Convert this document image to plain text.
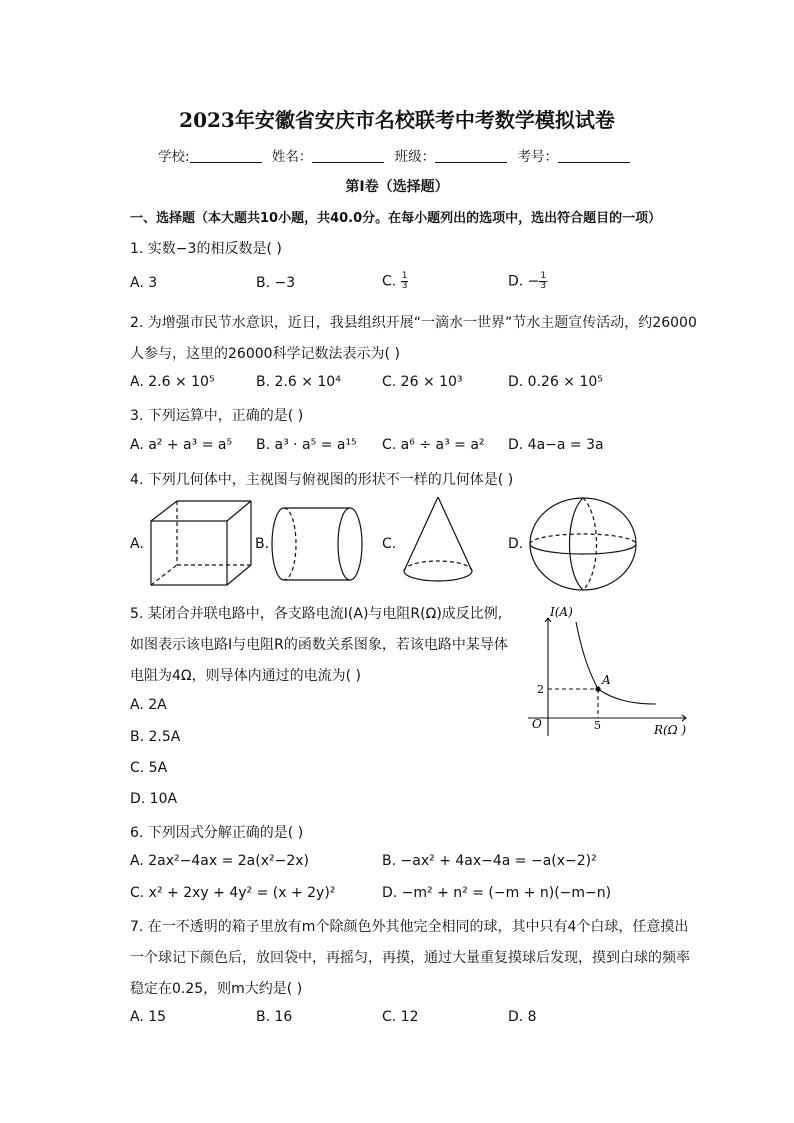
2023年安徽省安庆市名校联考中考数学模拟试卷
学校:	姓名：	班级：	考号：
第Ⅰ卷（选择题）
一、选择题（本大题共10小题，共40.0分。在每小题列出的选项中，选出符合题目的一项）
1. 实数−3的相反数是( )
A. 3	B. −3	C. $\frac{1}{3}$	D. − $\frac{1}{3}$
2. 为增强市民节水意识，近日，我县组织开展“一滴水一世界”节水主题宣传活动，约26000
人参与，这里的26000科学记数法表示为( )
A. 2.6 × 10⁵	B. 2.6 × 10⁴	C. 26 × 10³	D. 0.26 × 10⁵
3. 下列运算中，正确的是( )
A. a² + a³ = a⁵ B. a³ · a⁵ = a¹⁵ C. a⁶ ÷ a³ = a² D. 4a−a = 3a
4. 下列几何体中，主视图与俯视图的形状不一样的几何体是( )
A.	B.	C.	D.
5. 某闭合并联电路中，各支路电流I(A)与电阻R(Ω)成反比例,
如图表示该电路I与电阻R的函数关系图象，若该电路中某导体
电阻为4Ω，则导体内通过的电流为( )
A. 2A
B. 2.5A
C. 5A
D. 10A
I(A)
R(Ω )
O
A
2
5
6. 下列因式分解正确的是( )
A. 2ax²−4ax = 2a(x²−2x)	B. −ax² + 4ax−4a = −a(x−2)²
C. x² + 2xy + 4y² = (x + 2y)²	D. −m² + n² = (−m + n)(−m−n)
7. 在一不透明的箱子里放有m个除颜色外其他完全相同的球，其中只有4个白球，任意摸出
一个球记下颜色后，放回袋中，再摇匀，再摸，通过大量重复摸球后发现，摸到白球的频率
稳定在0.25，则m大约是( )
A. 15	B. 16	C. 12	D. 8
